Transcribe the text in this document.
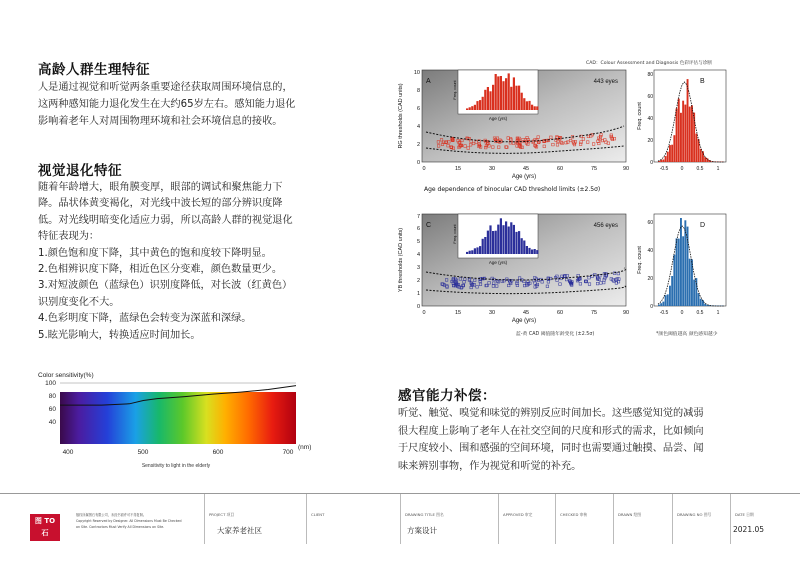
高龄人群生理特征
人是通过视觉和听觉两条重要途径获取周围环境信息的，
这两种感知能力退化发生在大约65岁左右。感知能力退化
影响着老年人对周围物理环境和社会环境信息的接收。
视觉退化特征
随着年龄增大，眼角膜变厚，眼部的调试和聚焦能力下
降。晶状体黄变褐化，对光线中波长短的部分辨识度降
低。对光线明暗变化适应力弱，所以高龄人群的视觉退化
特征表现为：
1.颜色饱和度下降，其中黄色的饱和度较下降明显。
2.色相辨识度下降，相近色区分变难，颜色数量更少。
3.对短波颜色（蓝绿色）识别度降低，对长波（红黄色）
识别度变化不大。
4.色彩明度下降，蓝绿色会转变为深蓝和深绿。
5.眩光影响大，转换适应时间加长。
Color sensitivity(%)
100
80
60
40
400	500	600	700
(nm)
Sensitivity to light in the elderly
CAD：Colour Assessment and Diagnosis 色彩评估与诊断
A	443 eyes
RG thresholds (CAD units)
0
2
4
6
8
10
0	15	30	45	60	75	90
Age (yrs)
Freq. count
Age (yrs)
B
Freq. count
0
20
40
60
80
-0.5 0	0.5	1
Age dependence of binocular CAD threshold limits (±2.5σ)
C	456 eyes
YB thresholds (CAD units)
0
1
2
3
4
5
6
7
0	15	30	45	60	75	90
Age (yrs)
Freq. count
Age (yrs)
D
Freq. count
0
20
40
60
-0.5 0	0.5	1
蓝-黄 CAD 阈值随年龄变化 (±2.5σ)	*颜色阈值越高 颜色感知越少
感官能力补偿：
听觉、触觉、嗅觉和味觉的辨别反应时间加长。这些感觉知觉的减弱
很大程度上影响了老年人在社交空间的尺度和形式的需求，比如倾向
于尺度较小、围和感强的空间环境，同时也需要通过触摸、品尝、闻
味来辨别事物，作为视觉和听觉的补充。
图 TO
石 THREE
版权所属图石有限公司，未经书面许可不得复制。
Copyright Reserved by Designer. All Dimensions Must Be Checked
on Site. Contractors Must Verify All Dimensions on Site.
PROJECT 项目
大家养老社区
CLIENT	DRAWING TITLE 图名
方案设计
APPROVED 审定	CHECKED 审核	DRAWN 绘图	DRAWING NO 图号	DATE 日期
2021.05
